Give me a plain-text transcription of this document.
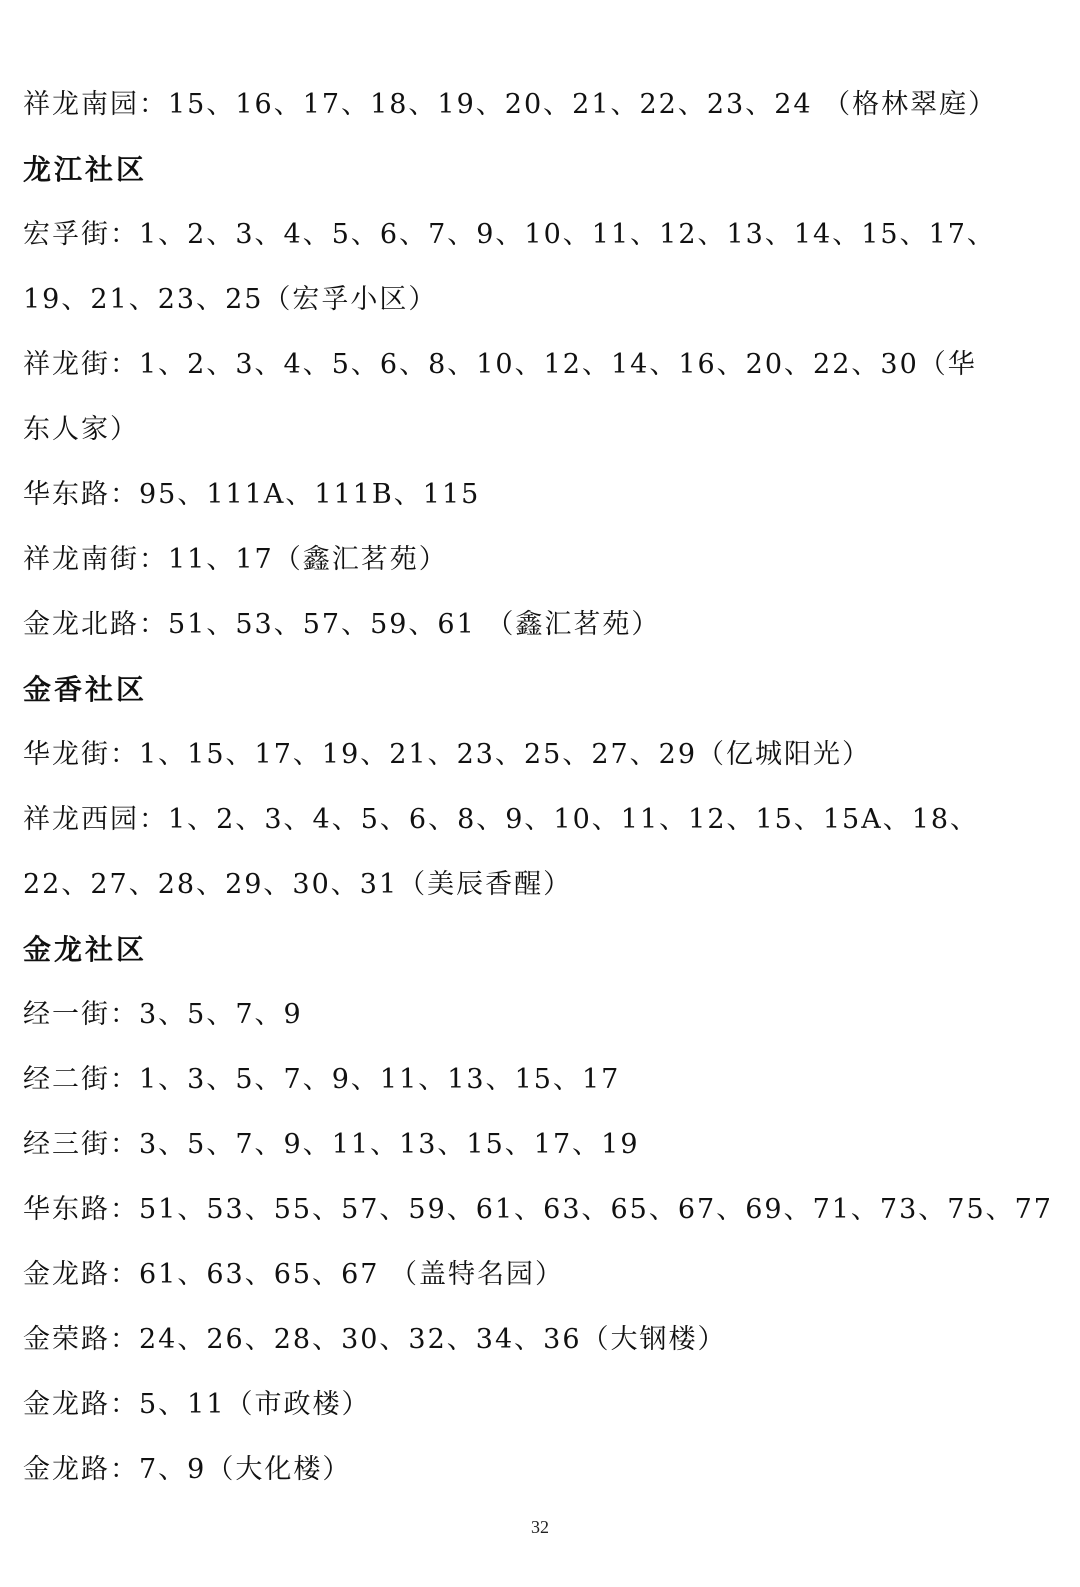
祥龙南园：15、16、17、18、19、20、21、22、23、24 （格林翠庭）
龙江社区
宏孚街：1、2、3、4、5、6、7、9、10、11、12、13、14、15、17、
19、21、23、25（宏孚小区）
祥龙街：1、2、3、4、5、6、8、10、12、14、16、20、22、30（华
东人家）
华东路：95、111A、111B、115
祥龙南街：11、17（鑫汇茗苑）
金龙北路：51、53、57、59、61 （鑫汇茗苑）
金香社区
华龙街：1、15、17、19、21、23、25、27、29（亿城阳光）
祥龙西园：1、2、3、4、5、6、8、9、10、11、12、15、15A、18、
22、27、28、29、30、31（美辰香醒）
金龙社区
经一街：3、5、7、9
经二街：1、3、5、7、9、11、13、15、17
经三街：3、5、7、9、11、13、15、17、19
华东路：51、53、55、57、59、61、63、65、67、69、71、73、75、77
金龙路：61、63、65、67 （盖特名园）
金荣路：24、26、28、30、32、34、36（大钢楼）
金龙路：5、11（市政楼）
金龙路：7、9（大化楼）
32
